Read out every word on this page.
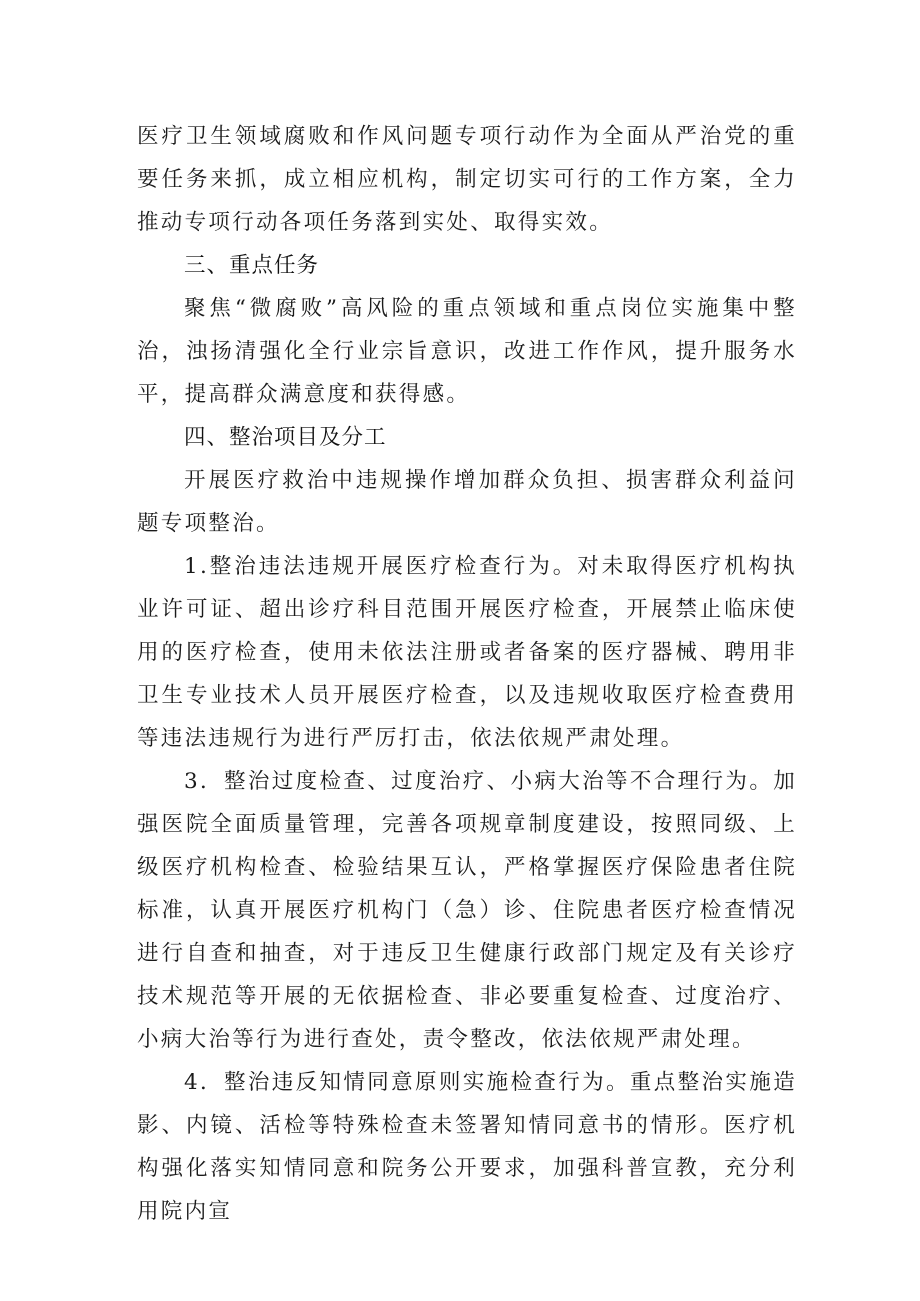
医疗卫生领域腐败和作风问题专项行动作为全面从严治党的重要任务来抓，成立相应机构，制定切实可行的工作方案，全力推动专项行动各项任务落到实处、取得实效。

三、重点任务

聚焦“微腐败”高风险的重点领域和重点岗位实施集中整治，浊扬清强化全行业宗旨意识，改进工作作风，提升服务水平，提高群众满意度和获得感。

四、整治项目及分工

开展医疗救治中违规操作增加群众负担、损害群众利益问题专项整治。

1.整治违法违规开展医疗检查行为。对未取得医疗机构执业许可证、超出诊疗科目范围开展医疗检查，开展禁止临床使用的医疗检查，使用未依法注册或者备案的医疗器械、聘用非卫生专业技术人员开展医疗检查，以及违规收取医疗检查费用等违法违规行为进行严厉打击，依法依规严肃处理。

3．整治过度检查、过度治疗、小病大治等不合理行为。加强医院全面质量管理，完善各项规章制度建设，按照同级、上级医疗机构检查、检验结果互认，严格掌握医疗保险患者住院标准，认真开展医疗机构门（急）诊、住院患者医疗检查情况进行自查和抽查，对于违反卫生健康行政部门规定及有关诊疗技术规范等开展的无依据检查、非必要重复检查、过度治疗、小病大治等行为进行查处，责令整改，依法依规严肃处理。

4．整治违反知情同意原则实施检查行为。重点整治实施造影、内镜、活检等特殊检查未签署知情同意书的情形。医疗机构强化落实知情同意和院务公开要求，加强科普宣教，充分利用院内宣
